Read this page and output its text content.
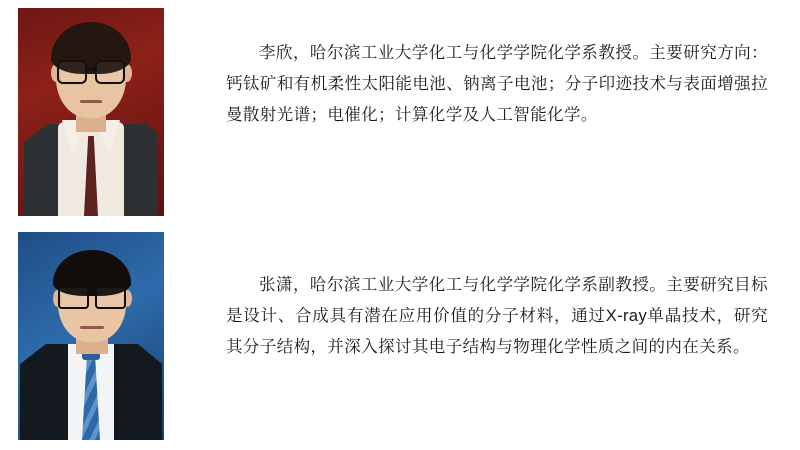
李欣，哈尔滨工业大学化工与化学学院化学系教授。主要研究方向：钙钛矿和有机柔性太阳能电池、钠离子电池；分子印迹技术与表面增强拉曼散射光谱；电催化；计算化学及人工智能化学。

张潇，哈尔滨工业大学化工与化学学院化学系副教授。主要研究目标是设计、合成具有潜在应用价值的分子材料，通过X-ray单晶技术，研究其分子结构，并深入探讨其电子结构与物理化学性质之间的内在关系。
